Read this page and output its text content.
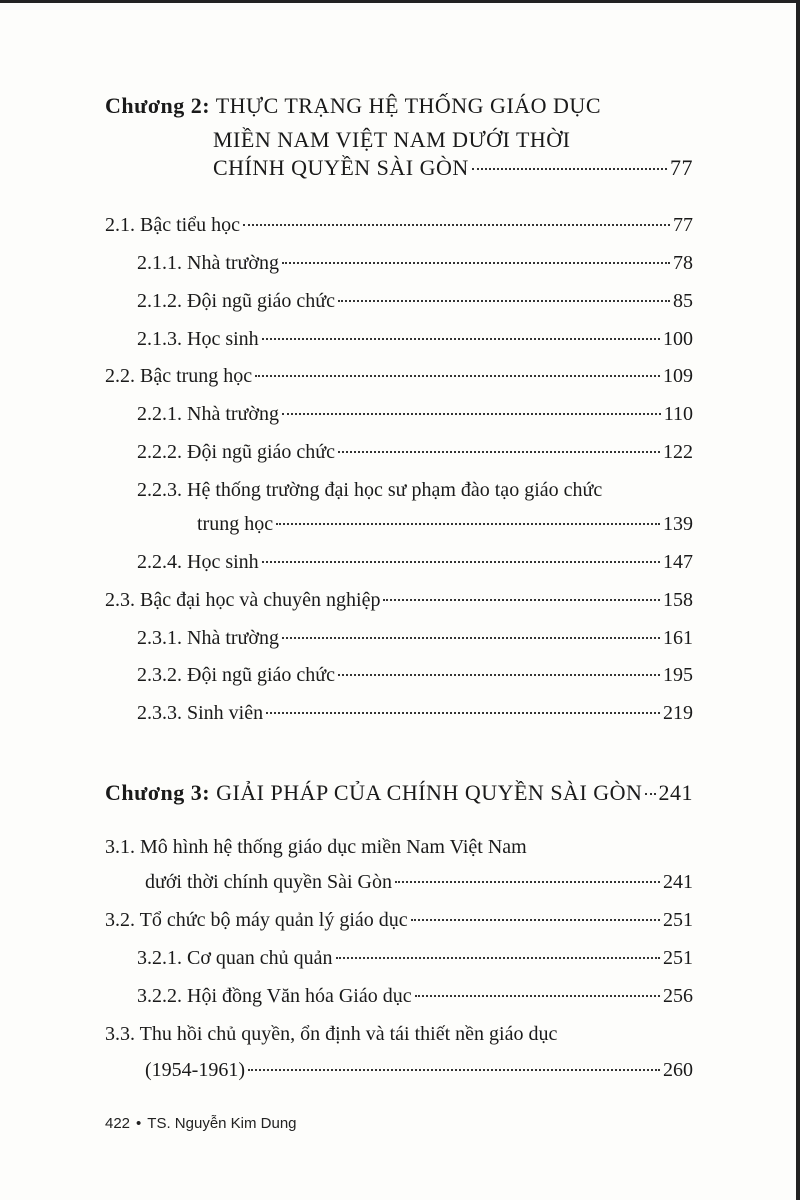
Chương 2: THỰC TRẠNG HỆ THỐNG GIÁO DỤC
MIỀN NAM VIỆT NAM DƯỚI THỜI
CHÍNH QUYỀN SÀI GÒN	77
2.1. Bậc tiểu học	77
2.1.1. Nhà trường	78
2.1.2. Đội ngũ giáo chức	85
2.1.3. Học sinh	100
2.2. Bậc trung học	109
2.2.1. Nhà trường	110
2.2.2. Đội ngũ giáo chức	122
2.2.3. Hệ thống trường đại học sư phạm đào tạo giáo chức
trung học	139
2.2.4. Học sinh	147
2.3. Bậc đại học và chuyên nghiệp	158
2.3.1. Nhà trường	161
2.3.2. Đội ngũ giáo chức	195
2.3.3. Sinh viên	219
Chương 3: GIẢI PHÁP CỦA CHÍNH QUYỀN SÀI GÒN 241
3.1. Mô hình hệ thống giáo dục miền Nam Việt Nam
dưới thời chính quyền Sài Gòn	241
3.2. Tổ chức bộ máy quản lý giáo dục	251
3.2.1. Cơ quan chủ quản	251
3.2.2. Hội đồng Văn hóa Giáo dục	256
3.3. Thu hồi chủ quyền, ổn định và tái thiết nền giáo dục
(1954-1961)	260
422 • TS. Nguyễn Kim Dung
